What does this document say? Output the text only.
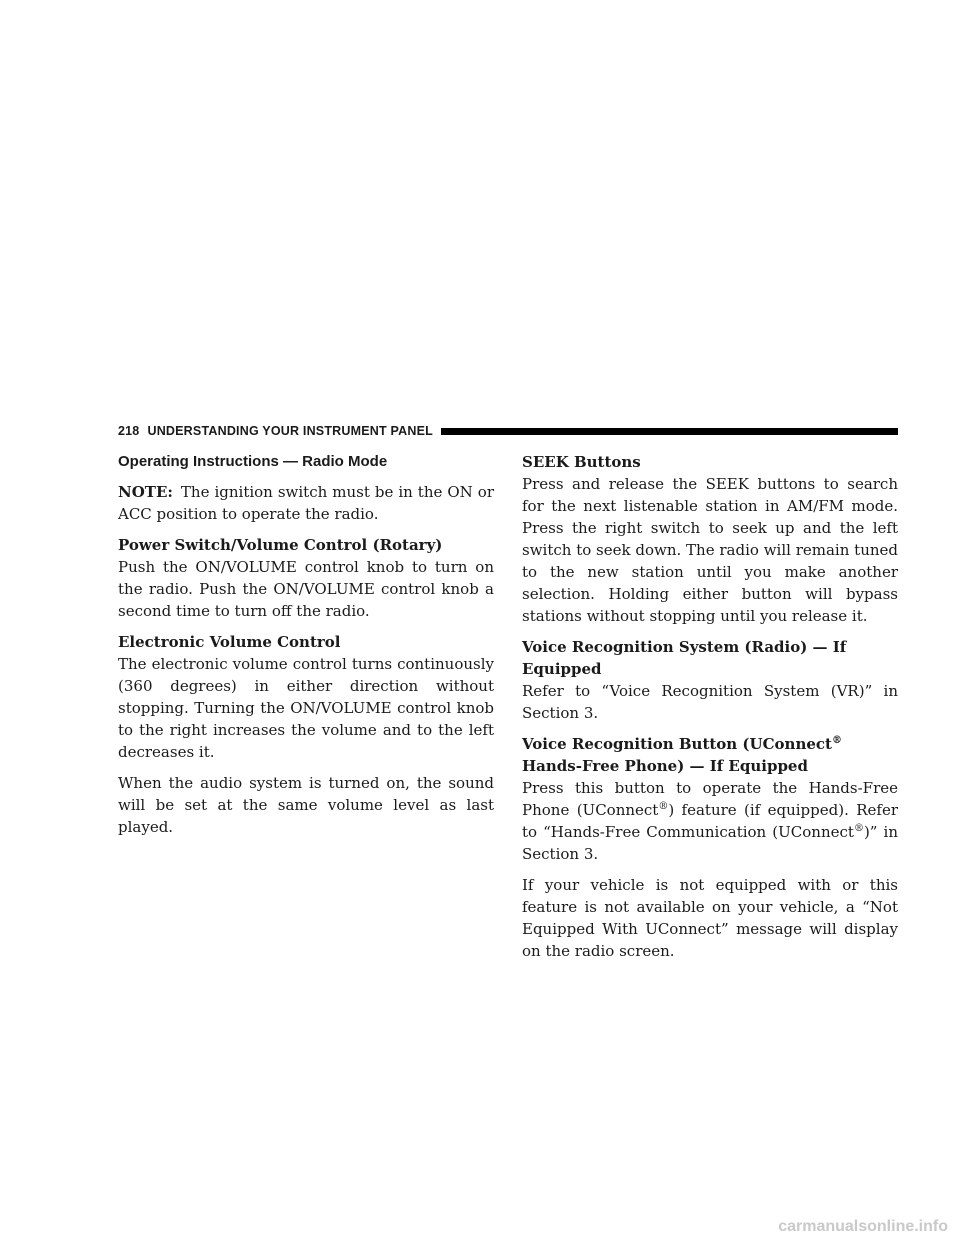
218 UNDERSTANDING YOUR INSTRUMENT PANEL
Operating Instructions — Radio Mode

NOTE: The ignition switch must be in the ON or ACC position to operate the radio.

Power Switch/Volume Control (Rotary)

Push the ON/VOLUME control knob to turn on the radio. Push the ON/VOLUME control knob a second time to turn off the radio.

Electronic Volume Control

The electronic volume control turns continuously (360 degrees) in either direction without stopping. Turning the ON/VOLUME control knob to the right increases the volume and to the left decreases it.

When the audio system is turned on, the sound will be set at the same volume level as last played.

SEEK Buttons

Press and release the SEEK buttons to search for the next listenable station in AM/FM mode. Press the right switch to seek up and the left switch to seek down. The radio will remain tuned to the new station until you make another selection. Holding either button will bypass stations without stopping until you release it.

Voice Recognition System (Radio) — If Equipped

Refer to “Voice Recognition System (VR)” in Section 3.

Voice Recognition Button (UConnect® Hands-Free Phone) — If Equipped

Press this button to operate the Hands-Free Phone (UConnect®) feature (if equipped). Refer to “Hands-Free Communication (UConnect®)” in Section 3.

If your vehicle is not equipped with or this feature is not available on your vehicle, a “Not Equipped With UConnect” message will display on the radio screen.

carmanualsonline.info
